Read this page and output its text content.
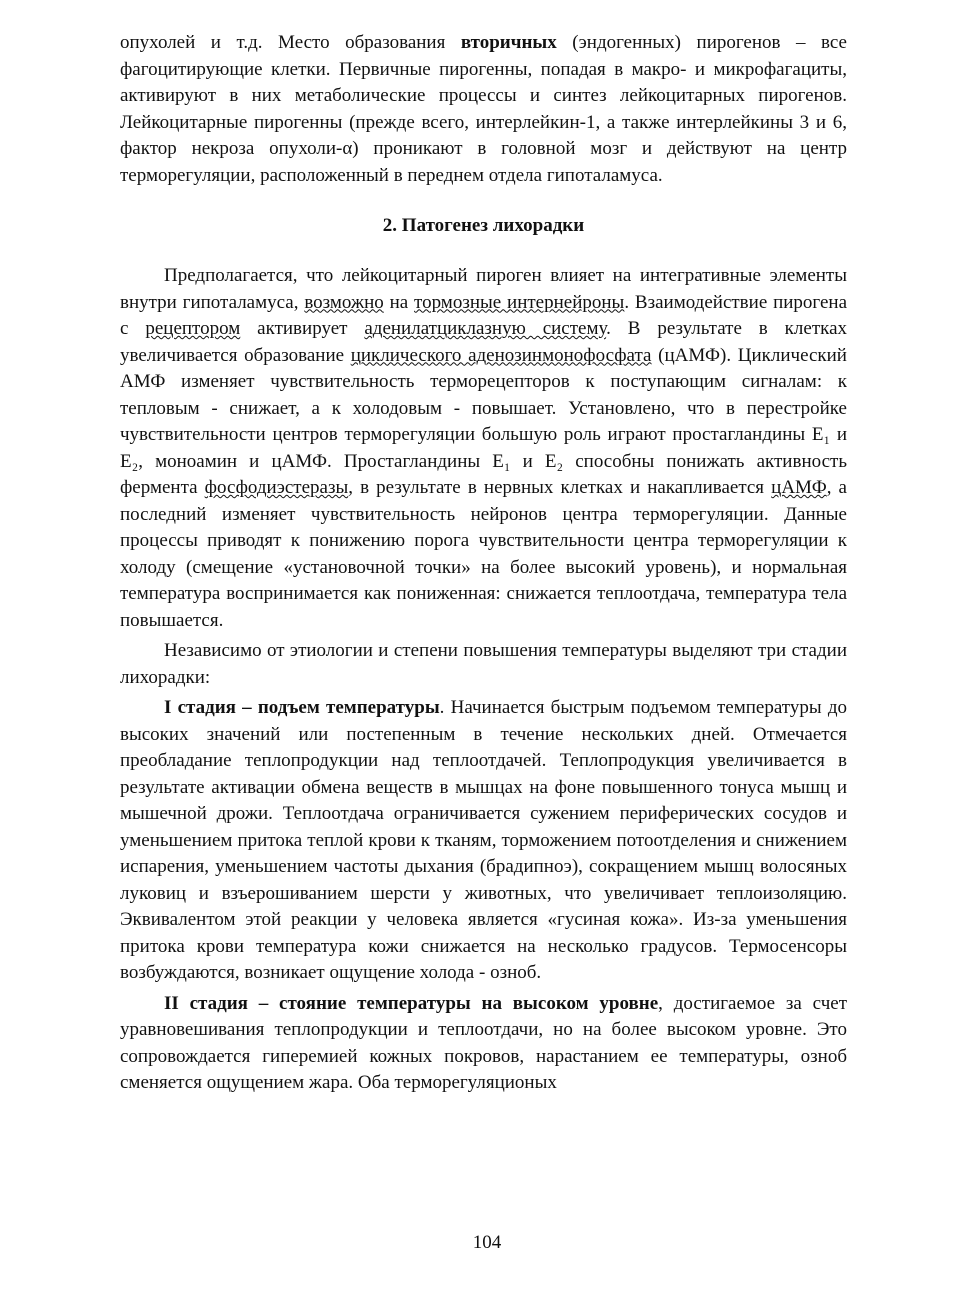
опухолей и т.д. Место образования вторичных (эндогенных) пирогенов – все фагоцитирующие клетки. Первичные пирогенны, попадая в макро- и микрофагациты, активируют в них метаболические процессы и синтез лейкоцитарных пирогенов. Лейкоцитарные пирогенны (прежде всего, интерлейкин-1, а также интерлейкины 3 и 6, фактор некроза опухоли-α) проникают в головной мозг и действуют на центр терморегуляции, расположенный в переднем отдела гипоталамуса.

2. Патогенез лихорадки

Предполагается, что лейкоцитарный пироген влияет на интегративные элементы внутри гипоталамуса, возможно на тормозные интернейроны. Взаимодействие пирогена с рецептором активирует аденилатциклазную систему. В результате в клетках увеличивается образование циклического аденозинмонофосфата (цАМФ). Циклический АМФ изменяет чувствительность терморецепторов к поступающим сигналам: к тепловым - снижает, а к холодовым - повышает. Установлено, что в перестройке чувствительности центров терморегуляции большую роль играют простагландины Е₁ и Е₂, моноамин и цАМФ. Простагландины Е₁ и Е₂ способны понижать активность фермента фосфодиэстеразы, в результате в нервных клетках и накапливается цАМФ, а последний изменяет чувствительность нейронов центра терморегуляции. Данные процессы приводят к понижению порога чувствительности центра терморегуляции к холоду (смещение «установочной точки» на более высокий уровень), и нормальная температура воспринимается как пониженная: снижается теплоотдача, температура тела повышается.

Независимо от этиологии и степени повышения температуры выделяют три стадии лихорадки:

I стадия – подъем температуры. Начинается быстрым подъемом температуры до высоких значений или постепенным в течение нескольких дней. Отмечается преобладание теплопродукции над теплоотдачей. Теплопродукция увеличивается в результате активации обмена веществ в мышцах на фоне повышенного тонуса мышц и мышечной дрожи. Теплоотдача ограничивается сужением периферических сосудов и уменьшением притока теплой крови к тканям, торможением потоотделения и снижением испарения, уменьшением частоты дыхания (брадипноэ), сокращением мышц волосяных луковиц и взъерошиванием шерсти у животных, что увеличивает теплоизоляцию. Эквивалентом этой реакции у человека является «гусиная кожа». Из-за уменьшения притока крови температура кожи снижается на несколько градусов. Термосенсоры возбуждаются, возникает ощущение холода - озноб.

II стадия – стояние температуры на высоком уровне, достигаемое за счет уравновешивания теплопродукции и теплоотдачи, но на более высоком уровне. Это сопровождается гиперемией кожных покровов, нарастанием ее температуры, озноб сменяется ощущением жара. Оба терморегуляционых

104
